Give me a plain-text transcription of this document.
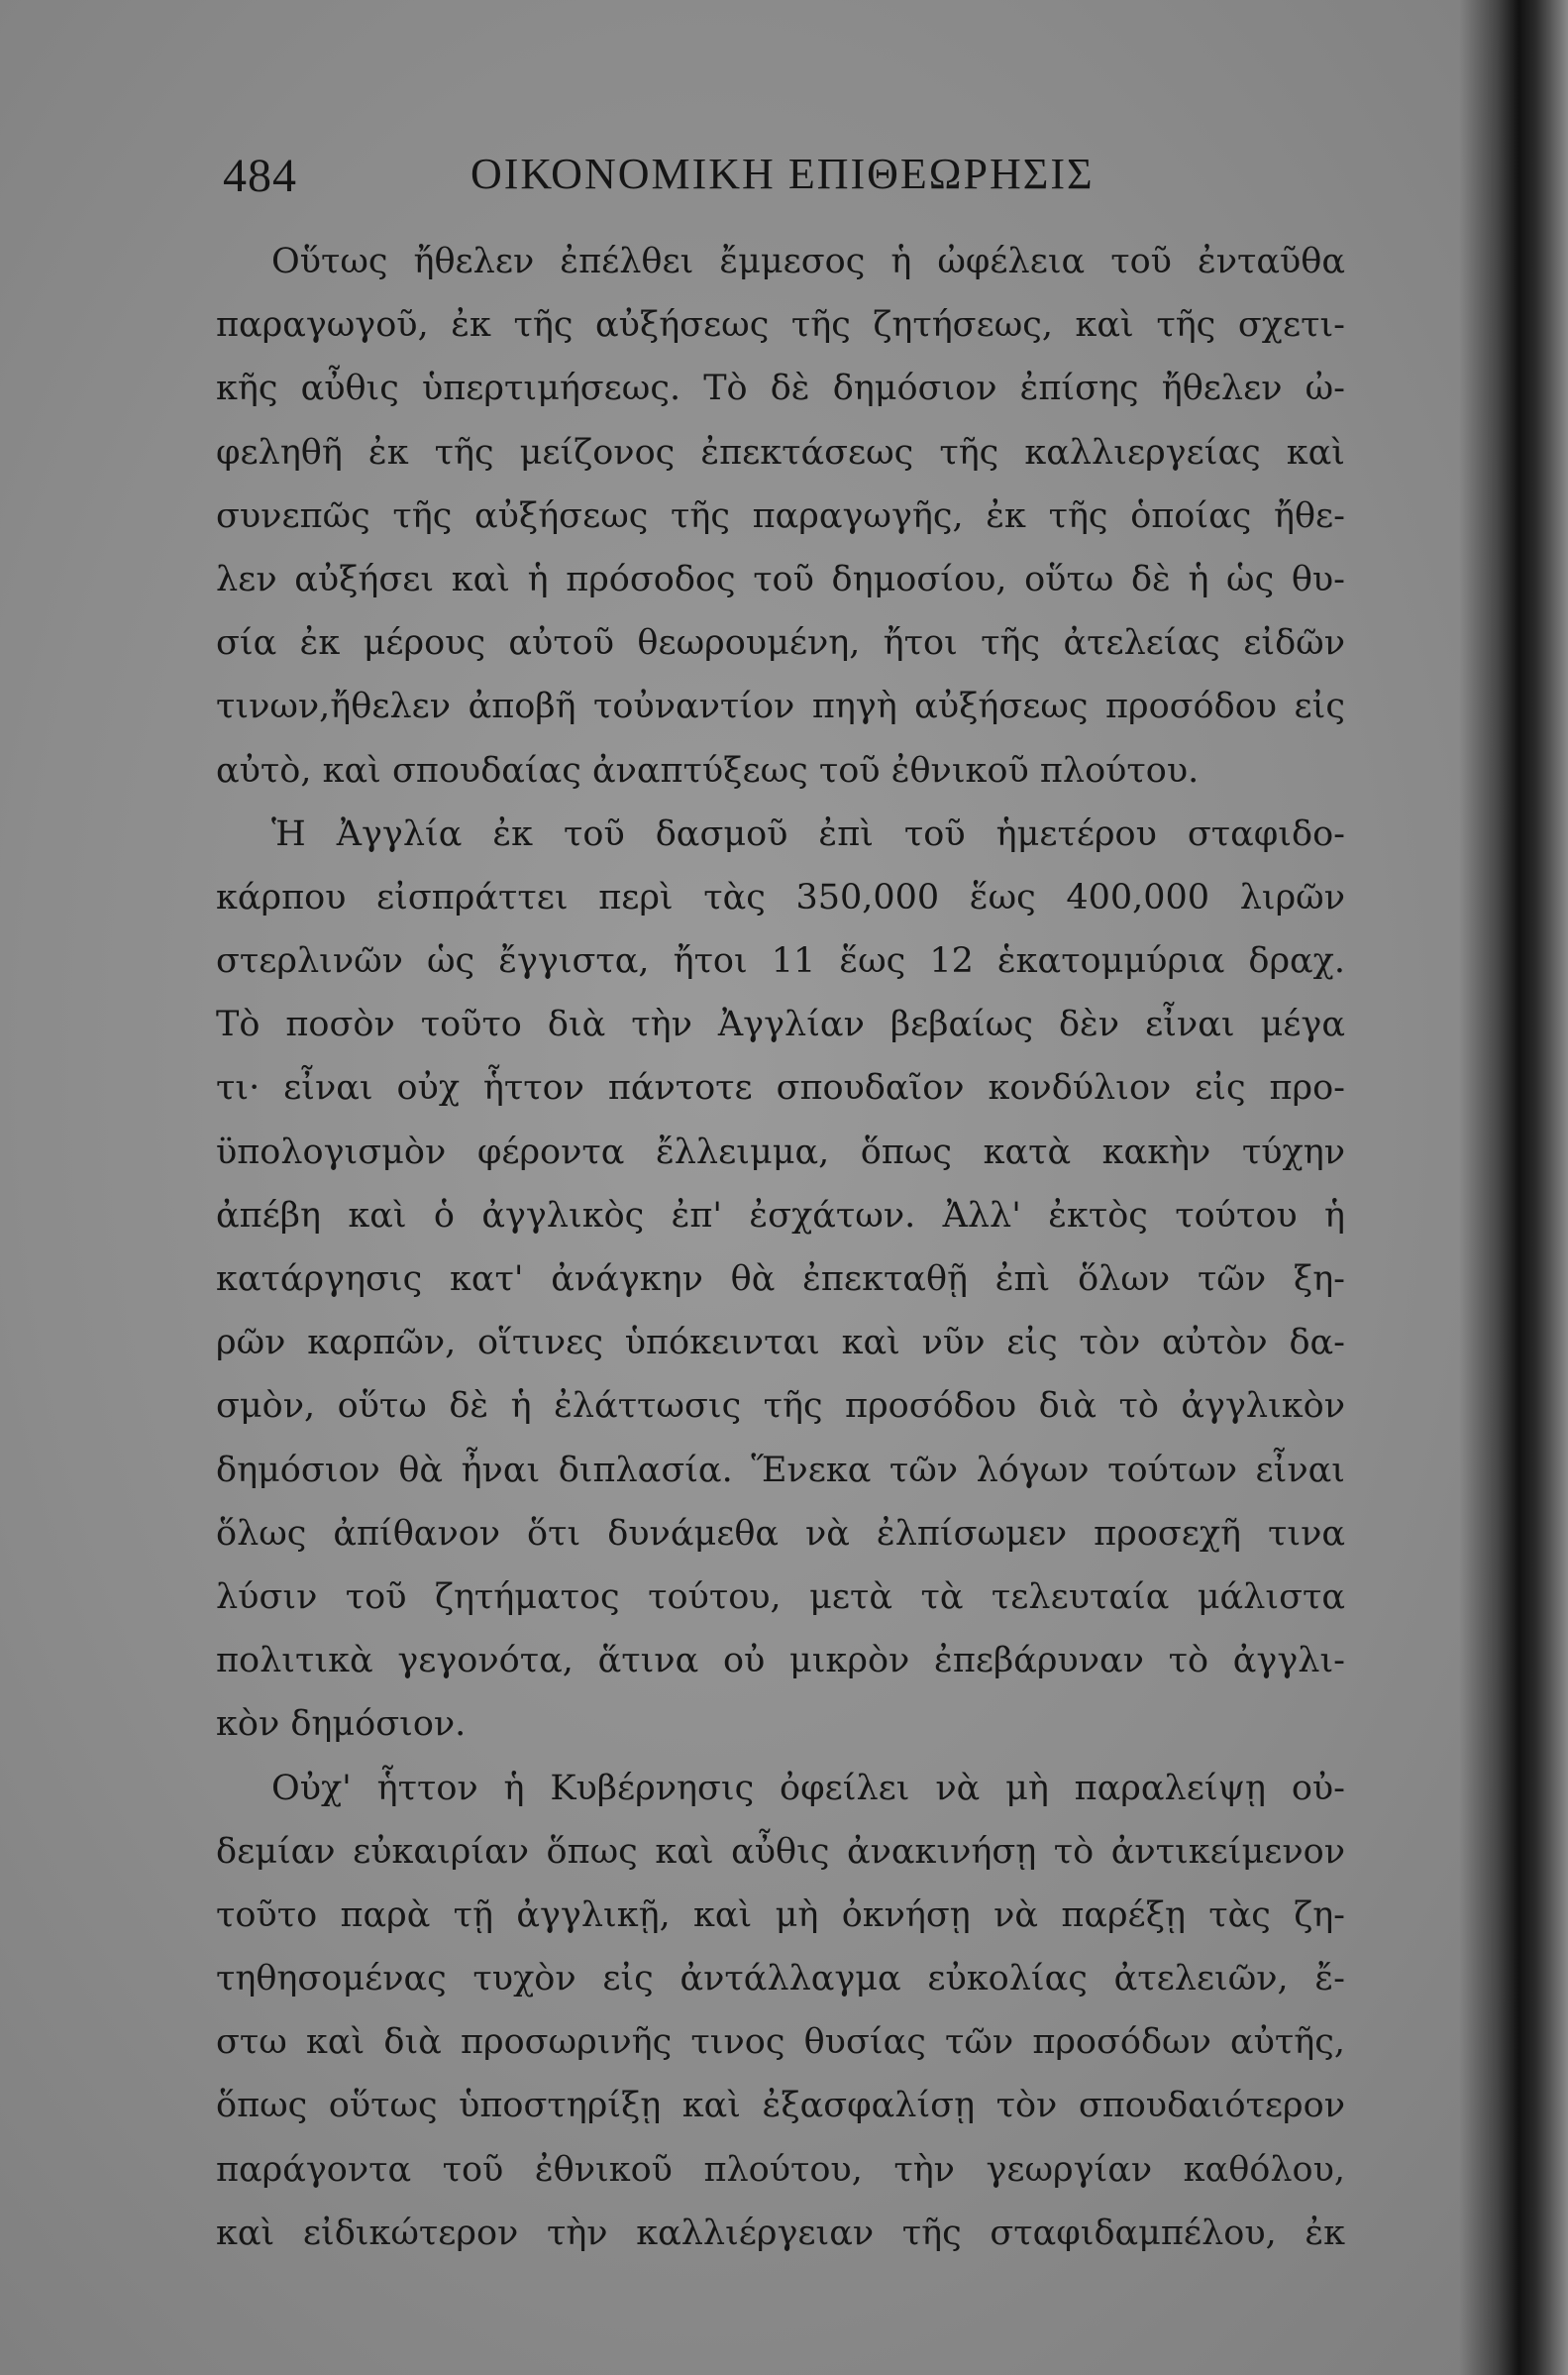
484	ΟΙΚΟΝΟΜΙΚΗ ΕΠΙΘΕΩΡΗΣΙΣ
Οὕτως ἤθελεν ἐπέλθει ἔμμεσος ἡ ὠφέλεια τοῦ ἐνταῦθα
παραγωγοῦ, ἐκ τῆς αὐξήσεως τῆς ζητήσεως, καὶ τῆς σχετι-
κῆς αὖθις ὑπερτιμήσεως. Τὸ δὲ δημόσιον ἐπίσης ἤθελεν ὠ-
φεληθῆ ἐκ τῆς μείζονος ἐπεκτάσεως τῆς καλλιεργείας καὶ
συνεπῶς τῆς αὐξήσεως τῆς παραγωγῆς, ἐκ τῆς ὁποίας ἤθε-
λεν αὐξήσει καὶ ἡ πρόσοδος τοῦ δημοσίου, οὕτω δὲ ἡ ὡς θυ-
σία ἐκ μέρους αὐτοῦ θεωρουμένη, ἤτοι τῆς ἀτελείας εἰδῶν
τινων,ἤθελεν ἀποβῆ τοὐναντίον πηγὴ αὐξήσεως προσόδου εἰς
αὐτὸ, καὶ σπουδαίας ἀναπτύξεως τοῦ ἐθνικοῦ πλούτου.
Ἡ Ἀγγλία ἐκ τοῦ δασμοῦ ἐπὶ τοῦ ἡμετέρου σταφιδο-
κάρπου εἰσπράττει περὶ τὰς 350,000 ἕως 400,000 λιρῶν
στερλινῶν ὡς ἔγγιστα, ἤτοι 11 ἕως 12 ἑκατομμύρια δραχ.
Τὸ ποσὸν τοῦτο διὰ τὴν Ἀγγλίαν βεβαίως δὲν εἶναι μέγα
τι· εἶναι οὐχ ἧττον πάντοτε σπουδαῖον κονδύλιον εἰς προ-
ϋπολογισμὸν φέροντα ἔλλειμμα, ὅπως κατὰ κακὴν τύχην
ἀπέβη καὶ ὁ ἀγγλικὸς ἐπ' ἐσχάτων. Ἀλλ' ἐκτὸς τούτου ἡ
κατάργησις κατ' ἀνάγκην θὰ ἐπεκταθῇ ἐπὶ ὅλων τῶν ξη-
ρῶν καρπῶν, οἵτινες ὑπόκεινται καὶ νῦν εἰς τὸν αὐτὸν δα-
σμὸν, οὕτω δὲ ἡ ἐλάττωσις τῆς προσόδου διὰ τὸ ἀγγλικὸν
δημόσιον θὰ ἦναι διπλασία. Ἕνεκα τῶν λόγων τούτων εἶναι
ὅλως ἀπίθανον ὅτι δυνάμεθα νὰ ἐλπίσωμεν προσεχῆ τινα
λύσιν τοῦ ζητήματος τούτου, μετὰ τὰ τελευταία μάλιστα
πολιτικὰ γεγονότα, ἅτινα οὐ μικρὸν ἐπεβάρυναν τὸ ἀγγλι-
κὸν δημόσιον.
Οὐχ' ἧττον ἡ Κυβέρνησις ὀφείλει νὰ μὴ παραλείψῃ οὐ-
δεμίαν εὐκαιρίαν ὅπως καὶ αὖθις ἀνακινήσῃ τὸ ἀντικείμενον
τοῦτο παρὰ τῇ ἀγγλικῇ, καὶ μὴ ὀκνήσῃ νὰ παρέξῃ τὰς ζη-
τηθησομένας τυχὸν εἰς ἀντάλλαγμα εὐκολίας ἀτελειῶν, ἔ-
στω καὶ διὰ προσωρινῆς τινος θυσίας τῶν προσόδων αὐτῆς,
ὅπως οὕτως ὑποστηρίξῃ καὶ ἐξασφαλίσῃ τὸν σπουδαιότερον
παράγοντα τοῦ ἐθνικοῦ πλούτου, τὴν γεωργίαν καθόλου,
καὶ εἰδικώτερον τὴν καλλιέργειαν τῆς σταφιδαμπέλου, ἐκ
